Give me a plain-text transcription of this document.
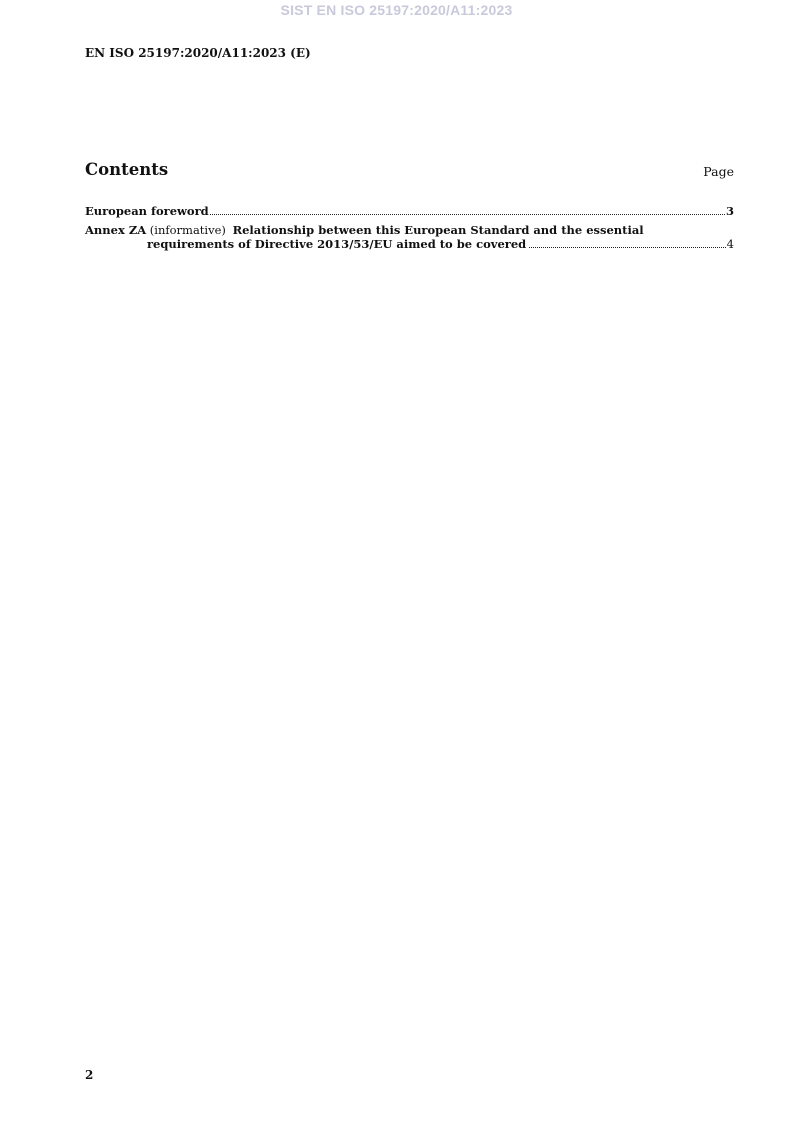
SIST EN ISO 25197:2020/A11:2023
EN ISO 25197:2020/A11:2023 (E)
Contents	Page
European foreword	3
Annex ZA (informative) Relationship between this European Standard and the essential
requirements of Directive 2013/53/EU aimed to be covered	4
2
